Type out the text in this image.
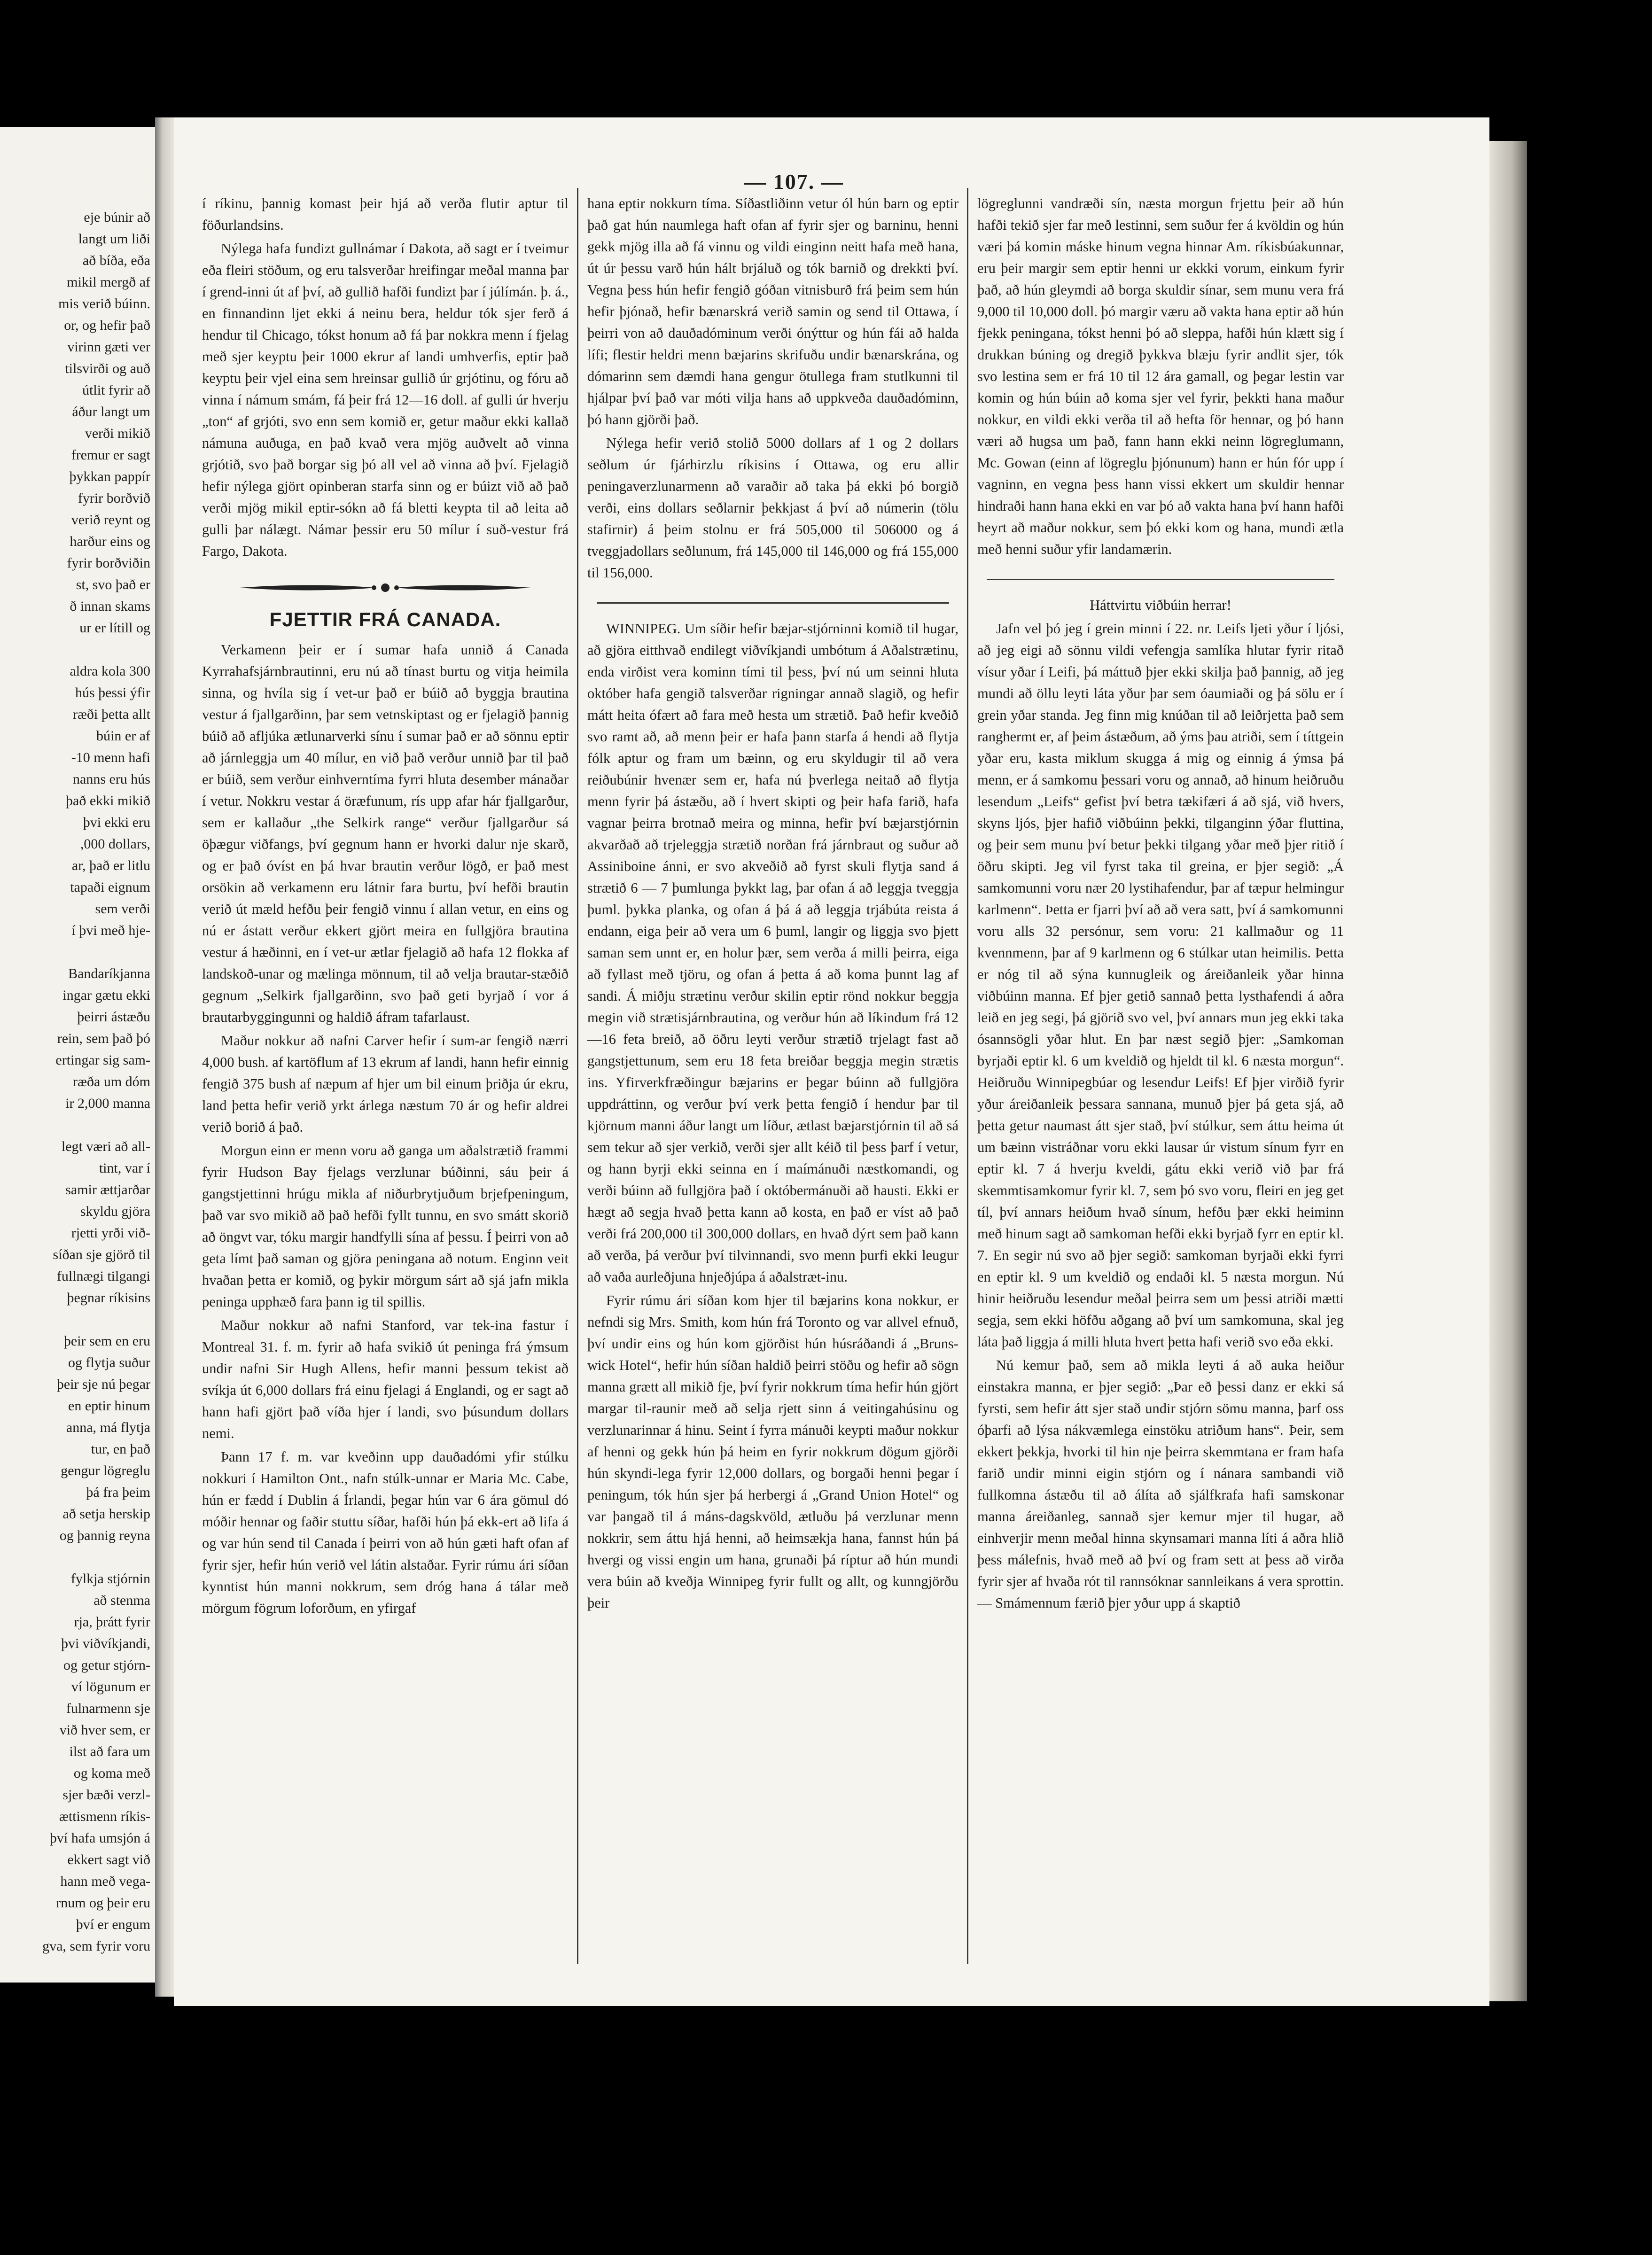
eje búnir að

langt um liði

að bíða, eða

mikil mergð af

mis verið búinn.

or, og hefir það

virinn gæti ver

tilsvirði og auð

útlit fyrir að

áður langt um

verði mikið

fremur er sagt

þykkan pappír

fyrir borðvið

verið reynt og

harður eins og

fyrir borðviðin

st, svo það er

ð innan skams

ur er lítill og

aldra kola 300

hús þessi ýfir

ræði þetta allt

búin er af

-10 menn hafi

nanns eru hús

það ekki mikið

þvi ekki eru

,000 dollars,

ar, það er litlu

tapaði eignum

sem verði

í þvi með hje-

Bandaríkjanna

ingar gætu ekki

þeirri ástæðu

rein, sem það þó

ertingar sig sam-

ræða um dóm

ir 2,000 manna

legt væri að all-

tint, var í

samir ættjarðar

skyldu gjöra

rjetti yrði við-

síðan sje gjörð til

fullnægi tilgangi

þegnar ríkisins

þeir sem en eru

og flytja suður

þeir sje nú þegar

en eptir hinum

anna, má flytja

tur, en það

gengur lögreglu

þá fra þeim

að setja herskip

og þannig reyna

fylkja stjórnin

að stenma

rja, þrátt fyrir

þvi viðvíkjandi,

og getur stjórn-

ví lögunum er

fulnarmenn sje

við hver sem, er

ilst að fara um

og koma með

sjer bæði verzl-

ættismenn ríkis-

því hafa umsjón á

ekkert sagt við

hann með vega-

rnum og þeir eru

því er engum

gva, sem fyrir voru

— 107. —

í ríkinu, þannig komast þeir hjá að verða flutir aptur til föðurlandsins.

Nýlega hafa fundizt gullnámar í Dakota, að sagt er í tveimur eða fleiri stöðum, og eru talsverðar hreifingar meðal manna þar í grend-inni út af því, að gullið hafði fundizt þar í júlímán. þ. á., en finnandinn ljet ekki á neinu bera, heldur tók sjer ferð á hendur til Chicago, tókst honum að fá þar nokkra menn í fjelag með sjer keyptu þeir 1000 ekrur af landi umhverfis, eptir það keyptu þeir vjel eina sem hreinsar gullið úr grjótinu, og fóru að vinna í námum smám, fá þeir frá 12—16 doll. af gulli úr hverju „ton“ af grjóti, svo enn sem komið er, getur maður ekki kallað námuna auðuga, en það kvað vera mjög auðvelt að vinna grjótið, svo það borgar sig þó all vel að vinna að því. Fjelagið hefir nýlega gjört opinberan starfa sinn og er búizt við að það verði mjög mikil eptir-sókn að fá bletti keypta til að leita að gulli þar nálægt. Námar þessir eru 50 mílur í suð-vestur frá Fargo, Dakota.

FJETTIR FRÁ CANADA.

Verkamenn þeir er í sumar hafa unnið á Canada Kyrrahafsjárnbrautinni, eru nú að tínast burtu og vitja heimila sinna, og hvíla sig í vet-ur það er búið að byggja brautina vestur á fjallgarðinn, þar sem vetnskiptast og er fjelagið þannig búið að afljúka ætlunarverki sínu í sumar það er að sönnu eptir að járnleggja um 40 mílur, en við það verður unnið þar til það er búið, sem verður einhverntíma fyrri hluta desember mánaðar í vetur. Nokkru vestar á öræfunum, rís upp afar hár fjallgarður, sem er kallaður „the Selkirk range“ verður fjallgarður sá öþægur viðfangs, því gegnum hann er hvorki dalur nje skarð, og er það óvíst en þá hvar brautin verður lögð, er það mest orsökin að verkamenn eru látnir fara burtu, því hefði brautin verið út mæld hefðu þeir fengið vinnu í allan vetur, en eins og nú er ástatt verður ekkert gjört meira en fullgjöra brautina vestur á hæðinni, en í vet-ur ætlar fjelagið að hafa 12 flokka af landskoð-unar og mælinga mönnum, til að velja brautar-stæðið gegnum „Selkirk fjallgarðinn, svo það geti byrjað í vor á brautarbyggingunni og haldið áfram tafarlaust.

Maður nokkur að nafni Carver hefir í sum-ar fengið nærri 4,000 bush. af kartöflum af 13 ekrum af landi, hann hefir einnig fengið 375 bush af næpum af hjer um bil einum þriðja úr ekru, land þetta hefir verið yrkt árlega næstum 70 ár og hefir aldrei verið borið á það.

Morgun einn er menn voru að ganga um aðalstrætið frammi fyrir Hudson Bay fjelags verzlunar búðinni, sáu þeir á gangstjettinni hrúgu mikla af niðurbrytjuðum brjefpeningum, það var svo mikið að það hefði fyllt tunnu, en svo smátt skorið að öngvt var, tóku margir handfylli sína af þessu. Í þeirri von að geta límt það saman og gjöra peningana að notum. Enginn veit hvaðan þetta er komið, og þykir mörgum sárt að sjá jafn mikla peninga upphæð fara þann ig til spillis.

Maður nokkur að nafni Stanford, var tek-ina fastur í Montreal 31. f. m. fyrir að hafa svikið út peninga frá ýmsum undir nafni Sir Hugh Allens, hefir manni þessum tekist að svíkja út 6,000 dollars frá einu fjelagi á Englandi, og er sagt að hann hafi gjört það víða hjer í landi, svo þúsundum dollars nemi.

Þann 17 f. m. var kveðinn upp dauðadómi yfir stúlku nokkuri í Hamilton Ont., nafn stúlk-unnar er Maria Mc. Cabe, hún er fædd í Dublin á Írlandi, þegar hún var 6 ára gömul dó móðir hennar og faðir stuttu síðar, hafði hún þá ekk-ert að lifa á og var hún send til Canada í þeirri von að hún gæti haft ofan af fyrir sjer, hefir hún verið vel látin alstaðar. Fyrir rúmu ári síðan kynntist hún manni nokkrum, sem dróg hana á tálar með mörgum fögrum loforðum, en yfirgaf

hana eptir nokkurn tíma. Síðastliðinn vetur ól hún barn og eptir það gat hún naumlega haft ofan af fyrir sjer og barninu, henni gekk mjög illa að fá vinnu og vildi einginn neitt hafa með hana, út úr þessu varð hún hált brjáluð og tók barnið og drekkti því. Vegna þess hún hefir fengið góðan vitnisburð frá þeim sem hún hefir þjónað, hefir bænarskrá verið samin og send til Ottawa, í þeirri von að dauðadóminum verði ónýttur og hún fái að halda lífi; flestir heldri menn bæjarins skrifuðu undir bænarskrána, og dómarinn sem dæmdi hana gengur ötullega fram stutlkunni til hjálpar því það var móti vilja hans að uppkveða dauðadóminn, þó hann gjörði það.

Nýlega hefir verið stolið 5000 dollars af 1 og 2 dollars seðlum úr fjárhirzlu ríkisins í Ottawa, og eru allir peningaverzlunarmenn að varaðir að taka þá ekki þó borgið verði, eins dollars seðlarnir þekkjast á því að númerin (tölu stafirnir) á þeim stolnu er frá 505,000 til 506000 og á tveggjadollars seðlunum, frá 145,000 til 146,000 og frá 155,000 til 156,000.

WINNIPEG. Um síðir hefir bæjar-stjórninni komið til hugar, að gjöra eitthvað endilegt viðvíkjandi umbótum á Aðalstrætinu, enda virðist vera kominn tími til þess, því nú um seinni hluta október hafa gengið talsverðar rigningar annað slagið, og hefir mátt heita ófært að fara með hesta um strætið. Það hefir kveðið svo ramt að, að menn þeir er hafa þann starfa á hendi að flytja fólk aptur og fram um bæinn, og eru skyldugir til að vera reiðubúnir hvenær sem er, hafa nú þverlega neitað að flytja menn fyrir þá ástæðu, að í hvert skipti og þeir hafa farið, hafa vagnar þeirra brotnað meira og minna, hefir því bæjarstjórnin akvarðað að trjeleggja strætið norðan frá járnbraut og suður að Assiniboine ánni, er svo akveðið að fyrst skuli flytja sand á strætið 6 — 7 þumlunga þykkt lag, þar ofan á að leggja tveggja þuml. þykka planka, og ofan á þá á að leggja trjábúta reista á endann, eiga þeir að vera um 6 þuml, langir og liggja svo þjett saman sem unnt er, en holur þær, sem verða á milli þeirra, eiga að fyllast með tjöru, og ofan á þetta á að koma þunnt lag af sandi. Á miðju strætinu verður skilin eptir rönd nokkur beggja megin við strætisjárnbrautina, og verður hún að líkindum frá 12—16 feta breið, að öðru leyti verður strætið trjelagt fast að gangstjettunum, sem eru 18 feta breiðar beggja megin strætis ins. Yfirverkfræðingur bæjarins er þegar búinn að fullgjöra uppdráttinn, og verður því verk þetta fengið í hendur þar til kjörnum manni áður langt um líður, ætlast bæjarstjórnin til að sá sem tekur að sjer verkið, verði sjer allt kéið til þess þarf í vetur, og hann byrji ekki seinna en í maímánuði næstkomandi, og verði búinn að fullgjöra það í októbermánuði að hausti. Ekki er hægt að segja hvað þetta kann að kosta, en það er víst að það verði frá 200,000 til 300,000 dollars, en hvað dýrt sem það kann að verða, þá verður því tilvinnandi, svo menn þurfi ekki leugur að vaða aurleðjuna hnjeðjúpa á aðalstræt-inu.

Fyrir rúmu ári síðan kom hjer til bæjarins kona nokkur, er nefndi sig Mrs. Smith, kom hún frá Toronto og var allvel efnuð, því undir eins og hún kom gjörðist hún húsráðandi á „Bruns-wick Hotel“, hefir hún síðan haldið þeirri stöðu og hefir að sögn manna grætt all mikið fje, því fyrir nokkrum tíma hefir hún gjört margar til-raunir með að selja rjett sinn á veitingahúsinu og verzlunarinnar á hinu. Seint í fyrra mánuði keypti maður nokkur af henni og gekk hún þá heim en fyrir nokkrum dögum gjörði hún skyndi-lega fyrir 12,000 dollars, og borgaði henni þegar í peningum, tók hún sjer þá herbergi á „Grand Union Hotel“ og var þangað til á máns-dagskvöld, ætluðu þá verzlunar menn nokkrir, sem áttu hjá henni, að heimsækja hana, fannst hún þá hvergi og vissi engin um hana, grunaði þá ríptur að hún mundi vera búin að kveðja Winnipeg fyrir fullt og allt, og kunngjörðu þeir

lögreglunni vandræði sín, næsta morgun frjettu þeir að hún hafði tekið sjer far með lestinni, sem suður fer á kvöldin og hún væri þá komin máske hinum vegna hinnar Am. ríkisbúakunnar, eru þeir margir sem eptir henni ur ekkki vorum, einkum fyrir það, að hún gleymdi að borga skuldir sínar, sem munu vera frá 9,000 til 10,000 doll. þó margir væru að vakta hana eptir að hún fjekk peningana, tókst henni þó að sleppa, hafði hún klætt sig í drukkan búning og dregið þykkva blæju fyrir andlit sjer, tók svo lestina sem er frá 10 til 12 ára gamall, og þegar lestin var komin og hún búin að koma sjer vel fyrir, þekkti hana maður nokkur, en vildi ekki verða til að hefta för hennar, og þó hann væri að hugsa um það, fann hann ekki neinn lögreglumann, Mc. Gowan (einn af lögreglu þjónunum) hann er hún fór upp í vagninn, en vegna þess hann vissi ekkert um skuldir hennar hindraði hann hana ekki en var þó að vakta hana því hann hafði heyrt að maður nokkur, sem þó ekki kom og hana, mundi ætla með henni suður yfir landamærin.

Háttvirtu viðbúin herrar!

Jafn vel þó jeg í grein minni í 22. nr. Leifs ljeti yður í ljósi, að jeg eigi að sönnu vildi vefengja samlíka hlutar fyrir ritað vísur yðar í Leifi, þá máttuð þjer ekki skilja það þannig, að jeg mundi að öllu leyti láta yður þar sem óaumiaði og þá sölu er í grein yðar standa. Jeg finn mig knúðan til að leiðrjetta það sem ranghermt er, af þeim ástæðum, að ýms þau atriði, sem í títtgein yðar eru, kasta miklum skugga á mig og einnig á ýmsa þá menn, er á samkomu þessari voru og annað, að hinum heiðruðu lesendum „Leifs“ gefist því betra tækifæri á að sjá, við hvers, skyns ljós, þjer hafið viðbúinn þekki, tilganginn ýðar fluttina, og þeir sem munu því betur þekki tilgang yðar með þjer ritið í öðru skipti. Jeg vil fyrst taka til greina, er þjer segið: „Á samkomunni voru nær 20 lystihafendur, þar af tæpur helmingur karlmenn“. Þetta er fjarri því að að vera satt, því á samkomunni voru alls 32 persónur, sem voru: 21 kallmaður og 11 kvennmenn, þar af 9 karlmenn og 6 stúlkar utan heimilis. Þetta er nóg til að sýna kunnugleik og áreiðanleik yðar hinna viðbúinn manna. Ef þjer getið sannað þetta lysthafendi á aðra leið en jeg segi, þá gjörið svo vel, því annars mun jeg ekki taka ósannsögli yðar hlut. En þar næst segið þjer: „Samkoman byrjaði eptir kl. 6 um kveldið og hjeldt til kl. 6 næsta morgun“. Heiðruðu Winnipegbúar og lesendur Leifs! Ef þjer virðið fyrir yður áreiðanleik þessara sannana, munuð þjer þá geta sjá, að þetta getur naumast átt sjer stað, því stúlkur, sem áttu heima út um bæinn vistráðnar voru ekki lausar úr vistum sínum fyrr en eptir kl. 7 á hverju kveldi, gátu ekki verið við þar frá skemmtisamkomur fyrir kl. 7, sem þó svo voru, fleiri en jeg get tíl, því annars heiðum hvað sínum, hefðu þær ekki heiminn með hinum sagt að samkoman hefði ekki byrjað fyrr en eptir kl. 7. En segir nú svo að þjer segið: samkoman byrjaði ekki fyrri en eptir kl. 9 um kveldið og endaði kl. 5 næsta morgun. Nú hinir heiðruðu lesendur meðal þeirra sem um þessi atriði mætti segja, sem ekki höfðu aðgang að því um samkomuna, skal jeg láta það liggja á milli hluta hvert þetta hafi verið svo eða ekki.

Nú kemur það, sem að mikla leyti á að auka heiður einstakra manna, er þjer segið: „Þar eð þessi danz er ekki sá fyrsti, sem hefir átt sjer stað undir stjórn sömu manna, þarf oss óþarfi að lýsa nákvæmlega einstöku atriðum hans“. Þeir, sem ekkert þekkja, hvorki til hin nje þeirra skemmtana er fram hafa farið undir minni eigin stjórn og í nánara sambandi við fullkomna ástæðu til að álíta að sjálfkrafa hafi samskonar manna áreiðanleg, sannað sjer kemur mjer til hugar, að einhverjir menn meðal hinna skynsamari manna líti á aðra hlið þess málefnis, hvað með að því og fram sett at þess að virða fyrir sjer af hvaða rót til rannsóknar sannleikans á vera sprottin. — Smámennum færið þjer yður upp á skaptið
